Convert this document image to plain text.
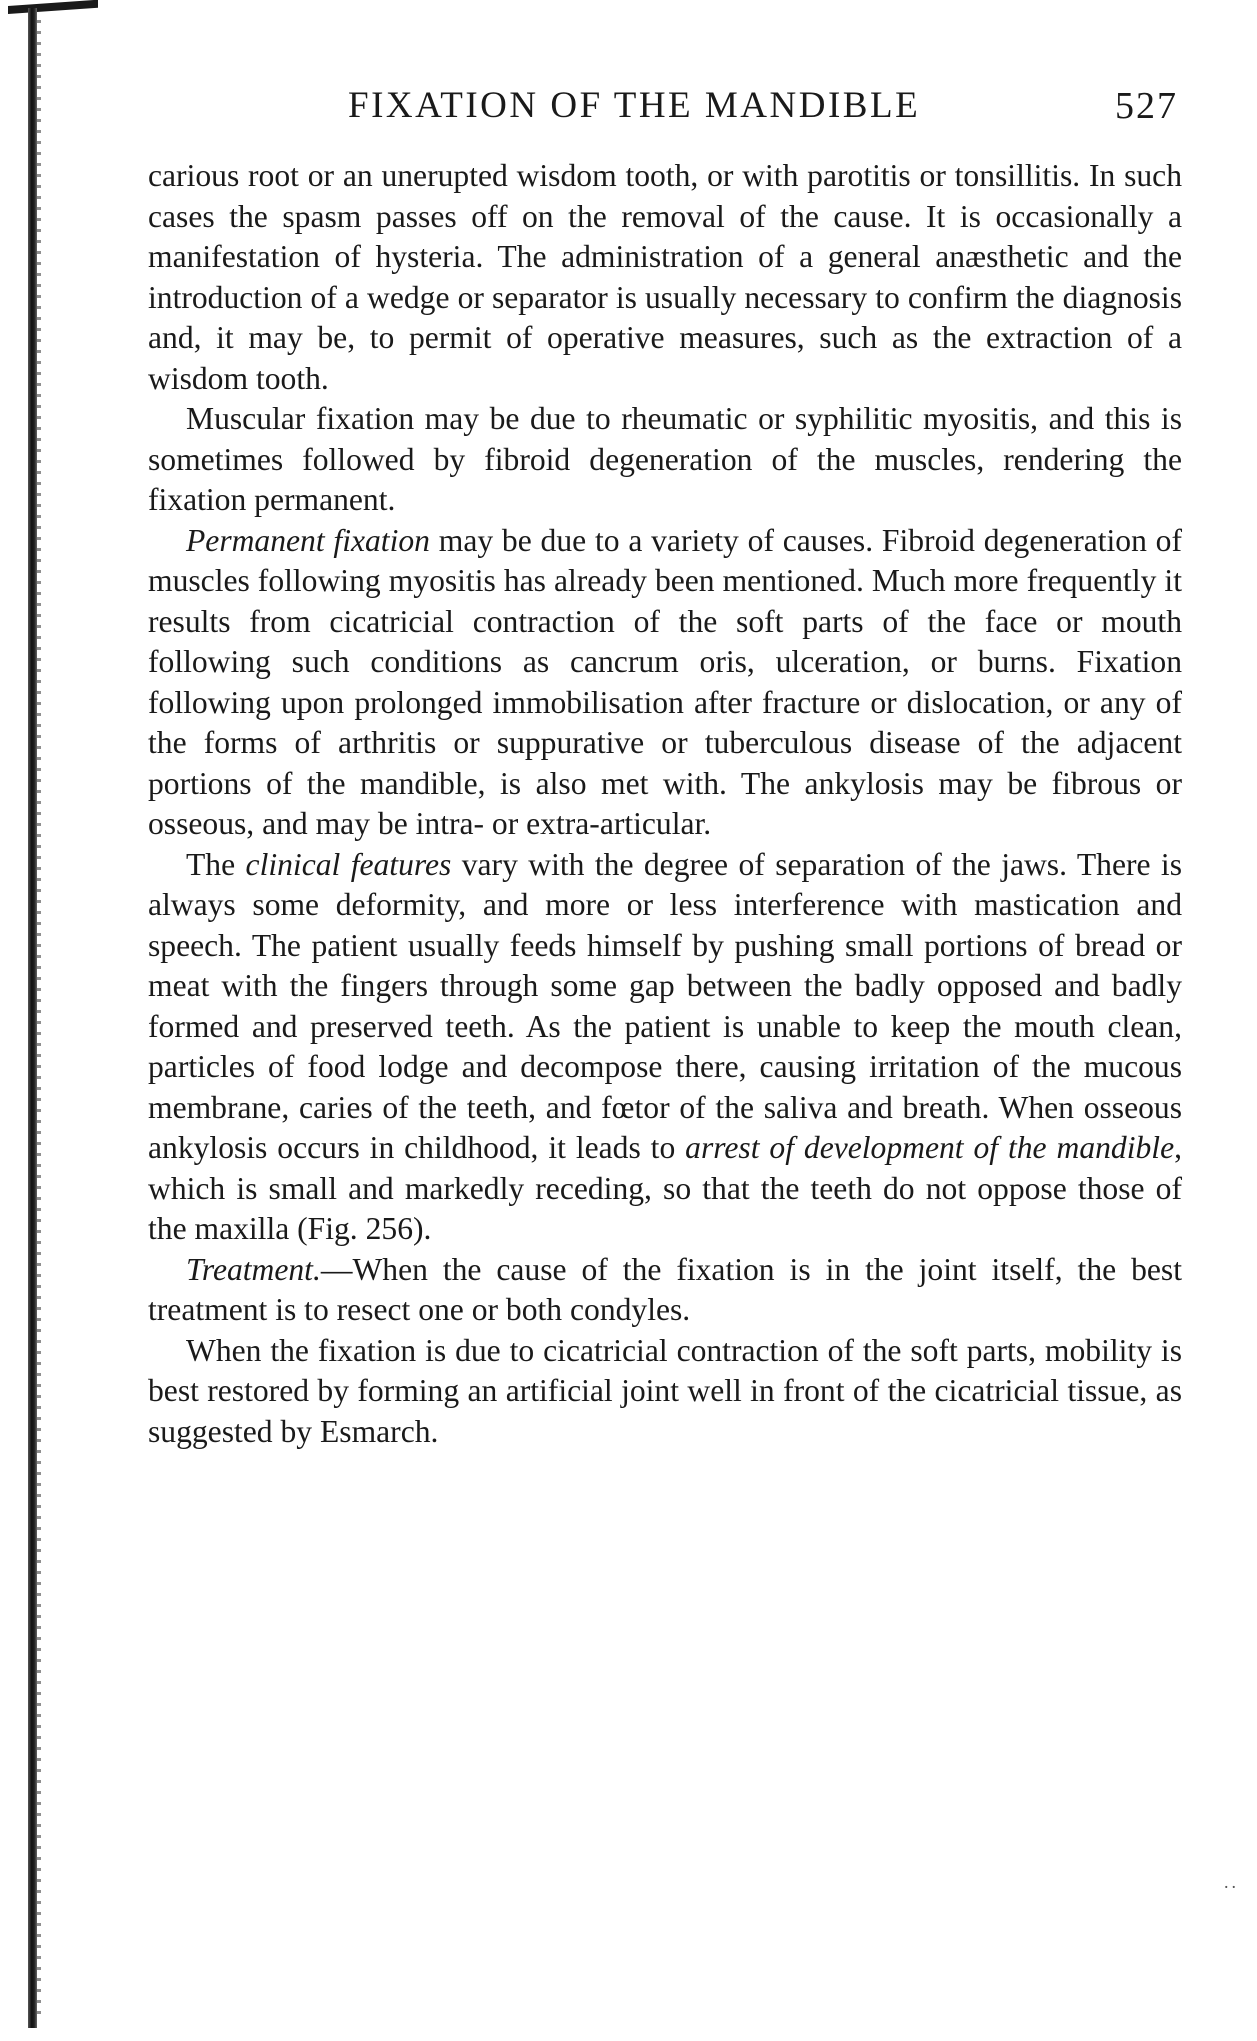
FIXATION OF THE MANDIBLE	527

carious root or an unerupted wisdom tooth, or with parotitis or tonsillitis. In such cases the spasm passes off on the removal of the cause. It is occasionally a manifestation of hysteria. The administration of a general anæsthetic and the introduction of a wedge or separator is usually necessary to confirm the diagnosis and, it may be, to permit of operative measures, such as the extraction of a wisdom tooth.

Muscular fixation may be due to rheumatic or syphilitic myositis, and this is sometimes followed by fibroid degeneration of the muscles, rendering the fixation permanent.

Permanent fixation may be due to a variety of causes. Fibroid degeneration of muscles following myositis has already been mentioned. Much more frequently it results from cicatricial contraction of the soft parts of the face or mouth following such conditions as cancrum oris, ulceration, or burns. Fixation following upon prolonged immobilisation after fracture or dislocation, or any of the forms of arthritis or suppurative or tuberculous disease of the adjacent portions of the mandible, is also met with. The ankylosis may be fibrous or osseous, and may be intra- or extra-articular.

The clinical features vary with the degree of separation of the jaws. There is always some deformity, and more or less interference with mastication and speech. The patient usually feeds himself by pushing small portions of bread or meat with the fingers through some gap between the badly opposed and badly formed and preserved teeth. As the patient is unable to keep the mouth clean, particles of food lodge and decompose there, causing irritation of the mucous membrane, caries of the teeth, and fœtor of the saliva and breath. When osseous ankylosis occurs in childhood, it leads to arrest of development of the mandible, which is small and markedly receding, so that the teeth do not oppose those of the maxilla (Fig. 256).

Treatment.—When the cause of the fixation is in the joint itself, the best treatment is to resect one or both condyles.

When the fixation is due to cicatricial contraction of the soft parts, mobility is best restored by forming an artificial joint well in front of the cicatricial tissue, as suggested by Esmarch.

..
